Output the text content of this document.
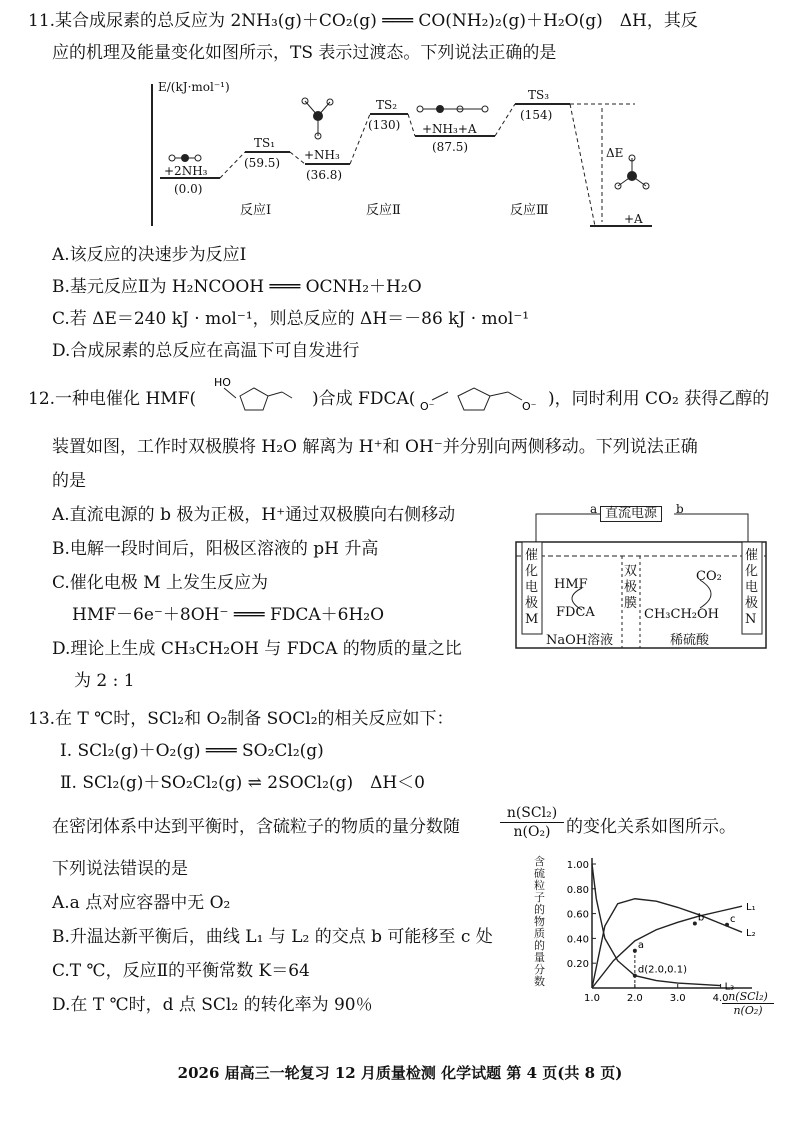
11.某合成尿素的总反应为 2NH₃(g)＋CO₂(g) ═══ CO(NH₂)₂(g)＋H₂O(g)　ΔH，其反
应的机理及能量变化如图所示，TS 表示过渡态。下列说法正确的是
E/(kJ·mol⁻¹)
+2NH₃
(0.0)
TS₁
(59.5)
+NH₃
(36.8)
TS₂
(130) +NH₃+A
(87.5)
TS₃
(154)
+A
ΔE
反应Ⅰ	反应Ⅱ	反应Ⅲ
A.该反应的决速步为反应Ⅰ
B.基元反应Ⅱ为 H₂NCOOH ═══ OCNH₂＋H₂O
C.若 ΔE＝240 kJ · mol⁻¹，则总反应的 ΔH＝－86 kJ · mol⁻¹
D.合成尿素的总反应在高温下可自发进行
12.一种电催化 HMF(
HO
)合成 FDCA( O⁻	O⁻ )，同时利用 CO₂ 获得乙醇的
装置如图，工作时双极膜将 H₂O 解离为 H⁺和 OH⁻并分别向两侧移动。下列说法正确
的是
A.直流电源的 b 极为正极，H⁺通过双极膜向右侧移动
B.电解一段时间后，阳极区溶液的 pH 升高
C.催化电极 M 上发生反应为
HMF－6e⁻＋8OH⁻ ═══ FDCA＋6H₂O
D.理论上生成 CH₃CH₂OH 与 FDCA 的物质的量之比
为 2 : 1
直流电源
a	b
催化电极M
催化电极N
双极膜
HMF
FDCA
CO₂
CH₃CH₂OH
NaOH溶液	稀硫酸
13.在 T ℃时，SCl₂和 O₂制备 SOCl₂的相关反应如下：
Ⅰ. SCl₂(g)＋O₂(g) ═══ SO₂Cl₂(g)
Ⅱ. SCl₂(g)＋SO₂Cl₂(g) ⇌ 2SOCl₂(g)　ΔH＜0
在密闭体系中达到平衡时，含硫粒子的物质的量分数随
n(SCl₂)
n(O₂) 的变化关系如图所示。
下列说法错误的是
A.a 点对应容器中无 O₂
B.升温达新平衡后，曲线 L₁ 与 L₂ 的交点 b 可能移至 c 处
C.T ℃，反应Ⅱ的平衡常数 K＝64
D.在 T ℃时，d 点 SCl₂ 的转化率为 90％
1.00
0.80
0.60
0.40
0.20
1.0	2.0	3.0	4.0
L₁
L₂
L₃
a
b	c
d(2.0,0.1)
含硫粒子的物质的量分数
n(SCl₂)
n(O₂)
2026 届高三一轮复习 12 月质量检测 化学试题 第 4 页(共 8 页)
